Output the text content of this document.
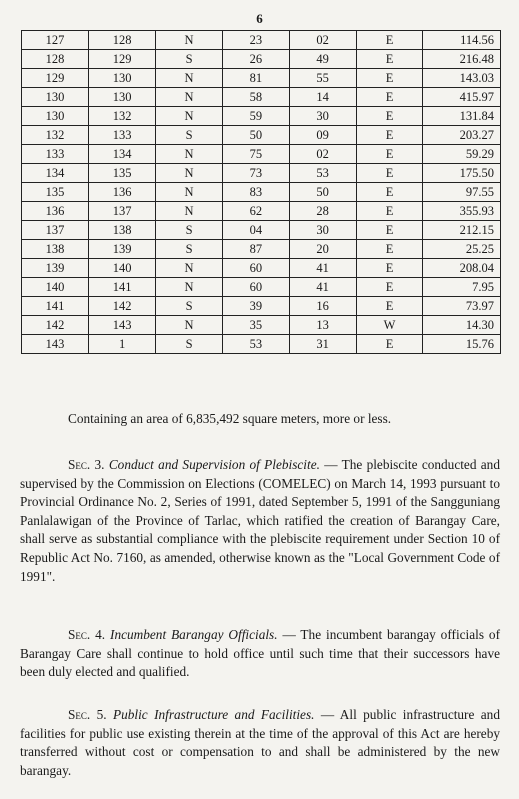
6
127	128	N	23	02	E	114.56
128	129	S	26	49	E	216.48
129	130	N	81	55	E	143.03
130	130	N	58	14	E	415.97
130	132	N	59	30	E	131.84
132	133	S	50	09	E	203.27
133	134	N	75	02	E	59.29
134	135	N	73	53	E	175.50
135	136	N	83	50	E	97.55
136	137	N	62	28	E	355.93
137	138	S	04	30	E	212.15
138	139	S	87	20	E	25.25
139	140	N	60	41	E	208.04
140	141	N	60	41	E	7.95
141	142	S	39	16	E	73.97
142	143	N	35	13	W	14.30
143	1	S	53	31	E	15.76
Containing an area of 6,835,492 square meters, more or less.
Sec. 3. Conduct and Supervision of Plebiscite. — The plebiscite conducted and supervised by the Commission on Elections (COMELEC) on March 14, 1993 pursuant to Provincial Ordinance No. 2, Series of 1991, dated September 5, 1991 of the Sangguniang Panlalawigan of the Province of Tarlac, which ratified the creation of Barangay Care, shall serve as substantial compliance with the plebiscite requirement under Section 10 of Republic Act No. 7160, as amended, otherwise known as the "Local Government Code of 1991".
Sec. 4. Incumbent Barangay Officials. — The incumbent barangay officials of Barangay Care shall continue to hold office until such time that their successors have been duly elected and qualified.
Sec. 5. Public Infrastructure and Facilities. — All public infrastructure and facilities for public use existing therein at the time of the approval of this Act are hereby transferred without cost or compensation to and shall be administered by the new barangay.
